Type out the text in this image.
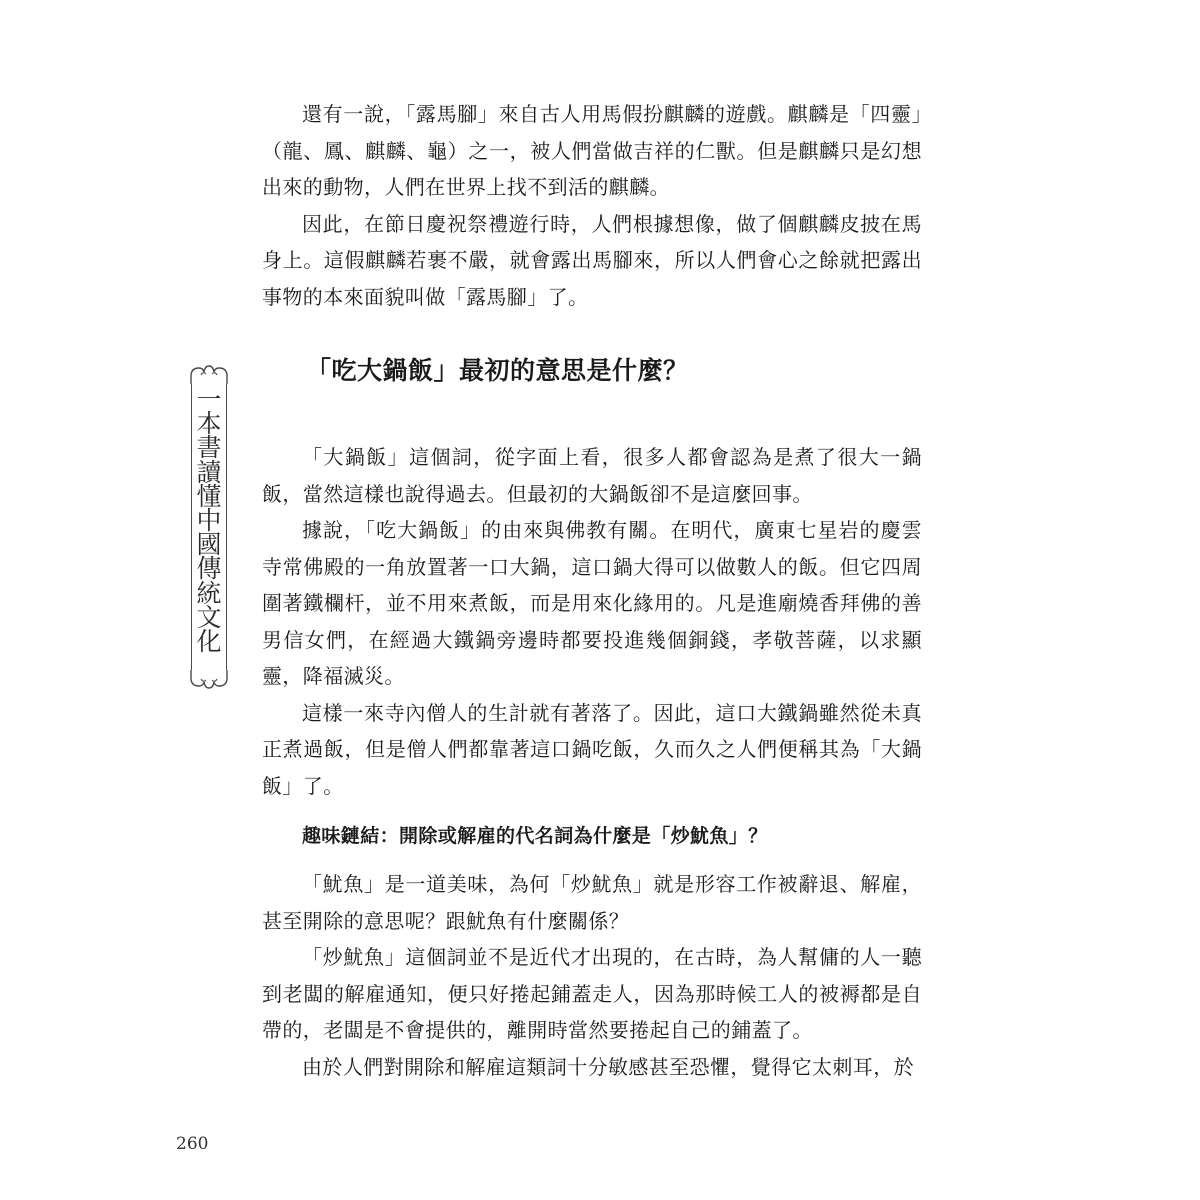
一本書讀懂中國傳統文化

還有一說，「露馬腳」來自古人用馬假扮麒麟的遊戲。麒麟是「四靈」（龍、鳳、麒麟、龜）之一，被人們當做吉祥的仁獸。但是麒麟只是幻想出來的動物，人們在世界上找不到活的麒麟。

因此，在節日慶祝祭禮遊行時，人們根據想像，做了個麒麟皮披在馬身上。這假麒麟若裹不嚴，就會露出馬腳來，所以人們會心之餘就把露出事物的本來面貌叫做「露馬腳」了。

「吃大鍋飯」最初的意思是什麼？

「大鍋飯」這個詞，從字面上看，很多人都會認為是煮了很大一鍋飯，當然這樣也說得過去。但最初的大鍋飯卻不是這麼回事。

據說，「吃大鍋飯」的由來與佛教有關。在明代，廣東七星岩的慶雲寺常佛殿的一角放置著一口大鍋，這口鍋大得可以做數人的飯。但它四周圍著鐵欄杆，並不用來煮飯，而是用來化緣用的。凡是進廟燒香拜佛的善男信女們，在經過大鐵鍋旁邊時都要投進幾個銅錢，孝敬菩薩，以求顯靈，降福滅災。

這樣一來寺內僧人的生計就有著落了。因此，這口大鐵鍋雖然從未真正煮過飯，但是僧人們都靠著這口鍋吃飯，久而久之人們便稱其為「大鍋飯」了。

趣味鏈結：開除或解雇的代名詞為什麼是「炒魷魚」？

「魷魚」是一道美味，為何「炒魷魚」就是形容工作被辭退、解雇，甚至開除的意思呢？跟魷魚有什麼關係？

「炒魷魚」這個詞並不是近代才出現的，在古時，為人幫傭的人一聽到老闆的解雇通知，便只好捲起鋪蓋走人，因為那時候工人的被褥都是自帶的，老闆是不會提供的，離開時當然要捲起自己的鋪蓋了。

由於人們對開除和解雇這類詞十分敏感甚至恐懼，覺得它太刺耳，於

260
